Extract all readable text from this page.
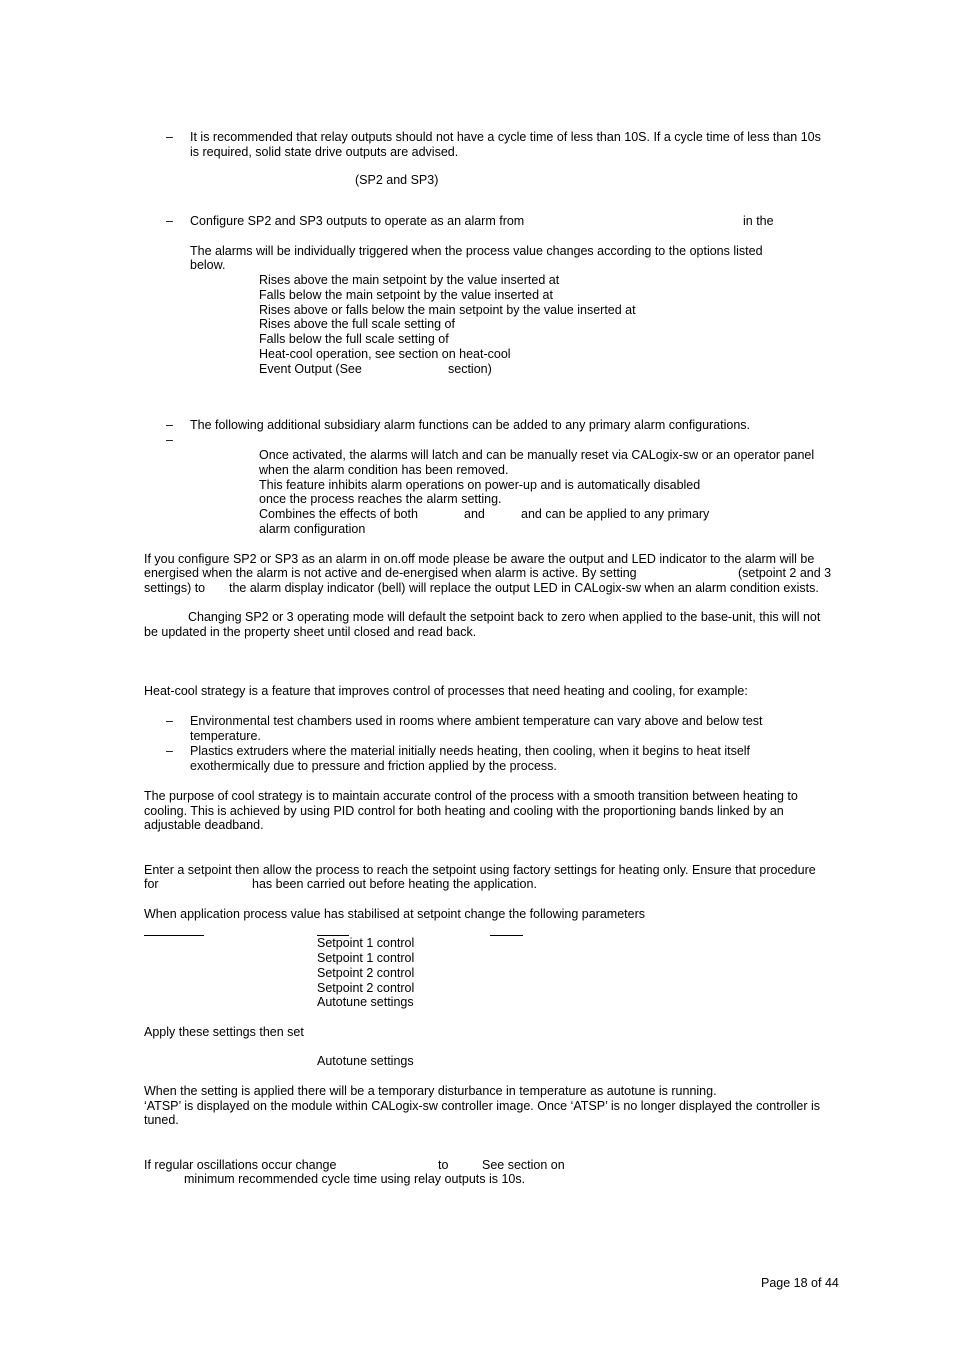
– It is recommended that relay outputs should not have a cycle time of less than 10S. If a cycle time of less than 10s
is required, solid state drive outputs are advised.
(SP2 and SP3)
– Configure SP2 and SP3 outputs to operate as an alarm from	in the
The alarms will be individually triggered when the process value changes according to the options listed
below.
Rises above the main setpoint by the value inserted at
Falls below the main setpoint by the value inserted at
Rises above or falls below the main setpoint by the value inserted at
Rises above the full scale setting of
Falls below the full scale setting of
Heat-cool operation, see section on heat-cool
Event Output (See	section)
– The following additional subsidiary alarm functions can be added to any primary alarm configurations.
–
Once activated, the alarms will latch and can be manually reset via CALogix-sw or an operator panel
when the alarm condition has been removed.
This feature inhibits alarm operations on power-up and is automatically disabled
once the process reaches the alarm setting.
Combines the effects of both	and	and can be applied to any primary
alarm configuration
If you configure SP2 or SP3 as an alarm in on.off mode please be aware the output and LED indicator to the alarm will be
energised when the alarm is not active and de-energised when alarm is active. By setting	(setpoint 2 and 3
settings) to the alarm display indicator (bell) will replace the output LED in CALogix-sw when an alarm condition exists.
Changing SP2 or 3 operating mode will default the setpoint back to zero when applied to the base-unit, this will not
be updated in the property sheet until closed and read back.
Heat-cool strategy is a feature that improves control of processes that need heating and cooling, for example:
– Environmental test chambers used in rooms where ambient temperature can vary above and below test
temperature.
– Plastics extruders where the material initially needs heating, then cooling, when it begins to heat itself
exothermically due to pressure and friction applied by the process.
The purpose of cool strategy is to maintain accurate control of the process with a smooth transition between heating to
cooling. This is achieved by using PID control for both heating and cooling with the proportioning bands linked by an
adjustable deadband.
Enter a setpoint then allow the process to reach the setpoint using factory settings for heating only. Ensure that procedure
for	has been carried out before heating the application.
When application process value has stabilised at setpoint change the following parameters
Setpoint 1 control
Setpoint 1 control
Setpoint 2 control
Setpoint 2 control
Autotune settings
Apply these settings then set
Autotune settings
When the setting is applied there will be a temporary disturbance in temperature as autotune is running.
‘ATSP’ is displayed on the module within CALogix-sw controller image. Once ‘ATSP’ is no longer displayed the controller is
tuned.
If regular oscillations occur change	to	See section on
minimum recommended cycle time using relay outputs is 10s.
Page 18 of 44
